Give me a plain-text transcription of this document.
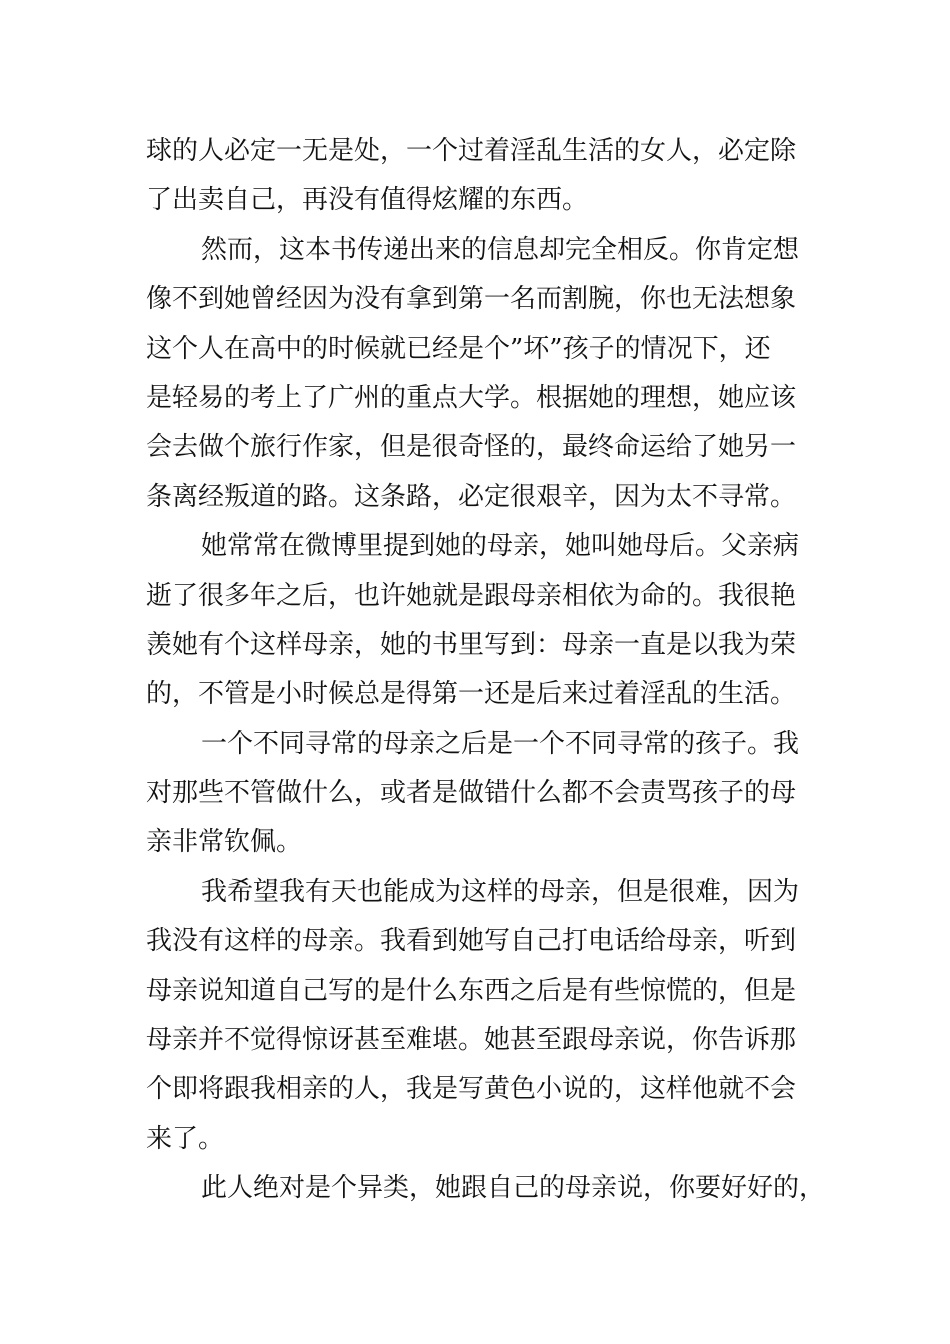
球的人必定一无是处，一个过着淫乱生活的女人，必定除
了出卖自己，再没有值得炫耀的东西。
然而，这本书传递出来的信息却完全相反。你肯定想
像不到她曾经因为没有拿到第一名而割腕，你也无法想象
这个人在高中的时候就已经是个”坏”孩子的情况下，还
是轻易的考上了广州的重点大学。根据她的理想，她应该
会去做个旅行作家，但是很奇怪的，最终命运给了她另一
条离经叛道的路。这条路，必定很艰辛，因为太不寻常。
她常常在微博里提到她的母亲，她叫她母后。父亲病
逝了很多年之后，也许她就是跟母亲相依为命的。我很艳
羡她有个这样母亲，她的书里写到：母亲一直是以我为荣
的，不管是小时候总是得第一还是后来过着淫乱的生活。
一个不同寻常的母亲之后是一个不同寻常的孩子。我
对那些不管做什么，或者是做错什么都不会责骂孩子的母
亲非常钦佩。
我希望我有天也能成为这样的母亲，但是很难，因为
我没有这样的母亲。我看到她写自己打电话给母亲，听到
母亲说知道自己写的是什么东西之后是有些惊慌的，但是
母亲并不觉得惊讶甚至难堪。她甚至跟母亲说，你告诉那
个即将跟我相亲的人，我是写黄色小说的，这样他就不会
来了。
此人绝对是个异类，她跟自己的母亲说，你要好好的，
